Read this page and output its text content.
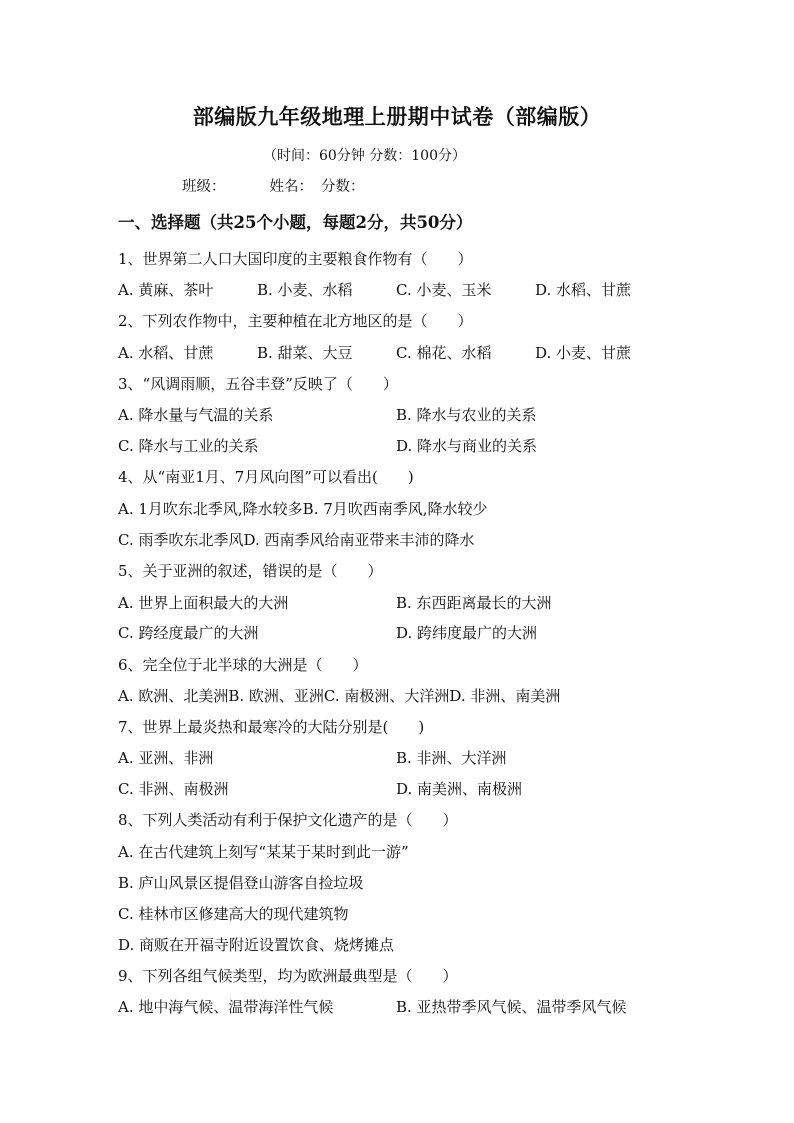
部编版九年级地理上册期中试卷（部编版）
（时间：60分钟 分数：100分）
班级：	姓名： 分数：
一、选择题（共25个小题，每题2分，共50分）
1、世界第二人口大国印度的主要粮食作物有（　　）
A. 黄麻、茶叶	B. 小麦、水稻	C. 小麦、玉米	D. 水稻、甘蔗
2、下列农作物中，主要种植在北方地区的是（　　）
A. 水稻、甘蔗	B. 甜菜、大豆	C. 棉花、水稻	D. 小麦、甘蔗
3、“风调雨顺，五谷丰登”反映了（　　）
A. 降水量与气温的关系	B. 降水与农业的关系
C. 降水与工业的关系	D. 降水与商业的关系
4、从“南亚1月、7月风向图”可以看出(　　)
A. 1月吹东北季风,降水较多B. 7月吹西南季风,降水较少
C. 雨季吹东北季风D. 西南季风给南亚带来丰沛的降水
5、关于亚洲的叙述，错误的是（　　）
A. 世界上面积最大的大洲	B. 东西距离最长的大洲
C. 跨经度最广的大洲	D. 跨纬度最广的大洲
6、完全位于北半球的大洲是（　　）
A. 欧洲、北美洲B. 欧洲、亚洲C. 南极洲、大洋洲D. 非洲、南美洲
7、世界上最炎热和最寒冷的大陆分别是(　　)
A. 亚洲、非洲	B. 非洲、大洋洲
C. 非洲、南极洲	D. 南美洲、南极洲
8、下列人类活动有利于保护文化遗产的是（　　）
A. 在古代建筑上刻写“某某于某时到此一游”
B. 庐山风景区提倡登山游客自捡垃圾
C. 桂林市区修建高大的现代建筑物
D. 商贩在开福寺附近设置饮食、烧烤摊点
9、下列各组气候类型，均为欧洲最典型是（　　）
A. 地中海气候、温带海洋性气候	B. 亚热带季风气候、温带季风气候
